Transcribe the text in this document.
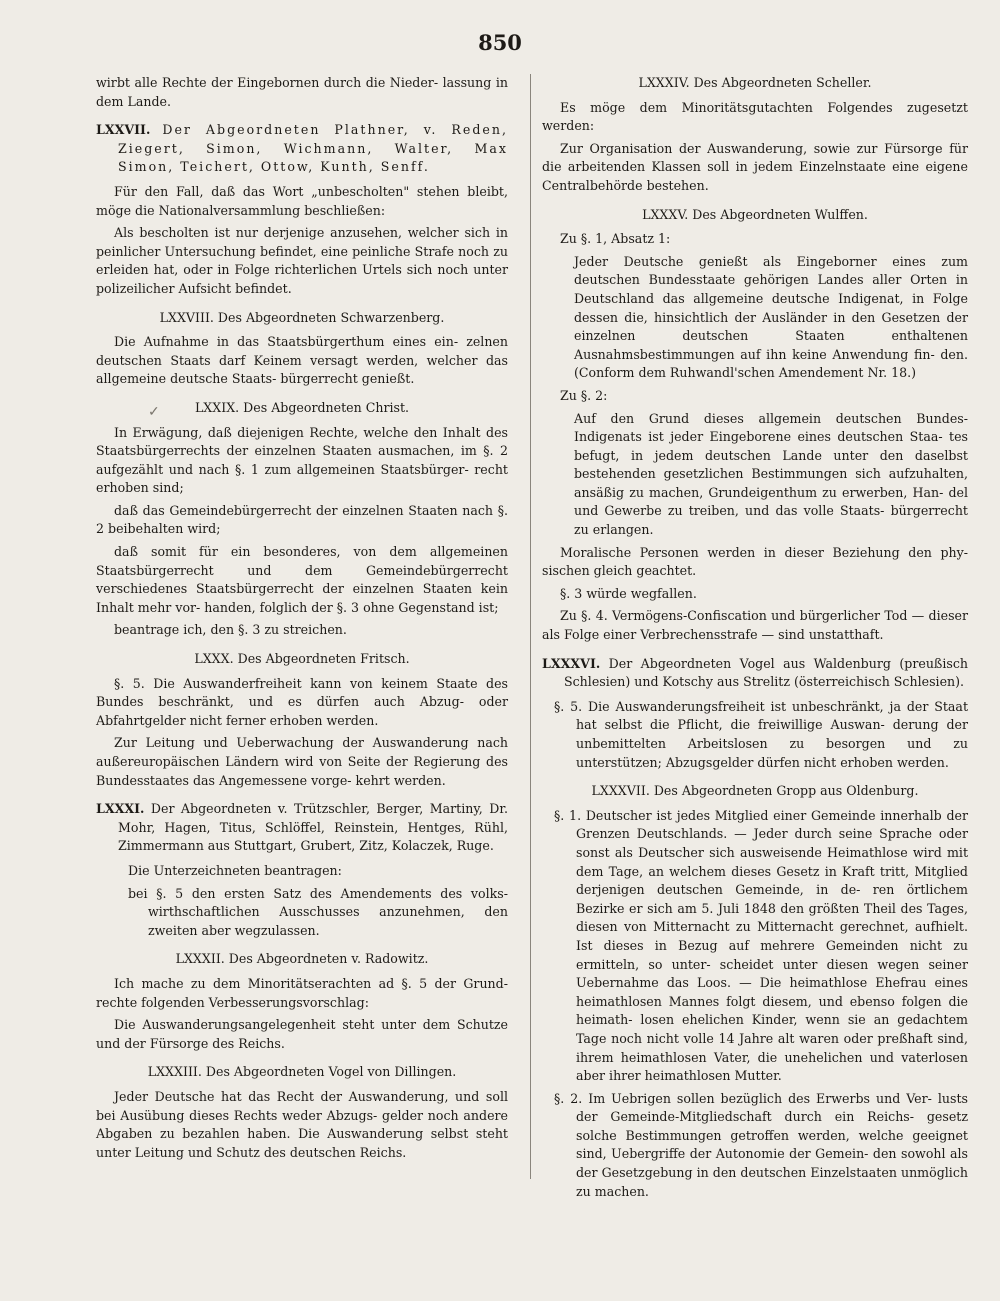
850
✓

wirbt alle Rechte der Eingebornen durch die Nieder- lassung in dem Lande.

LXXVII. Der Abgeordneten Plathner, v. Reden, Ziegert, Simon, Wichmann, Walter, Max Simon, Teichert, Ottow, Kunth, Senff.

Für den Fall, daß das Wort „unbescholten" stehen bleibt, möge die Nationalversammlung beschließen:

Als bescholten ist nur derjenige anzusehen, welcher sich in peinlicher Untersuchung befindet, eine peinliche Strafe noch zu erleiden hat, oder in Folge richterlichen Urtels sich noch unter polizeilicher Aufsicht befindet.

LXXVIII. Des Abgeordneten Schwarzenberg.

Die Aufnahme in das Staatsbürgerthum eines ein- zelnen deutschen Staats darf Keinem versagt werden, welcher das allgemeine deutsche Staats- bürgerrecht genießt.

LXXIX. Des Abgeordneten Christ.

In Erwägung, daß diejenigen Rechte, welche den Inhalt des Staatsbürgerrechts der einzelnen Staaten ausmachen, im §. 2 aufgezählt und nach §. 1 zum allgemeinen Staatsbürger- recht erhoben sind;

daß das Gemeindebürgerrecht der einzelnen Staaten nach §. 2 beibehalten wird;

daß somit für ein besonderes, von dem allgemeinen Staatsbürgerrecht und dem Gemeindebürgerrecht verschiedenes Staatsbürgerrecht der einzelnen Staaten kein Inhalt mehr vor- handen, folglich der §. 3 ohne Gegenstand ist;

beantrage ich, den §. 3 zu streichen.

LXXX. Des Abgeordneten Fritsch.

§. 5. Die Auswanderfreiheit kann von keinem Staate des Bundes beschränkt, und es dürfen auch Abzug- oder Abfahrtgelder nicht ferner erhoben werden.

Zur Leitung und Ueberwachung der Auswanderung nach außereuropäischen Ländern wird von Seite der Regierung des Bundesstaates das Angemessene vorge- kehrt werden.

LXXXI. Der Abgeordneten v. Trützschler, Berger, Martiny, Dr. Mohr, Hagen, Titus, Schlöffel, Reinstein, Hentges, Rühl, Zimmermann aus Stuttgart, Grubert, Zitz, Kolaczek, Ruge.

Die Unterzeichneten beantragen:

bei §. 5 den ersten Satz des Amendements des volks- wirthschaftlichen Ausschusses anzunehmen, den zweiten aber wegzulassen.

LXXXII. Des Abgeordneten v. Radowitz.

Ich mache zu dem Minoritätserachten ad §. 5 der Grund- rechte folgenden Verbesserungsvorschlag:

Die Auswanderungsangelegenheit steht unter dem Schutze und der Fürsorge des Reichs.

LXXXIII. Des Abgeordneten Vogel von Dillingen.

Jeder Deutsche hat das Recht der Auswanderung, und soll bei Ausübung dieses Rechts weder Abzugs- gelder noch andere Abgaben zu bezahlen haben. Die Auswanderung selbst steht unter Leitung und Schutz des deutschen Reichs.

LXXXIV. Des Abgeordneten Scheller.

Es möge dem Minoritätsgutachten Folgendes zugesetzt werden:

Zur Organisation der Auswanderung, sowie zur Fürsorge für die arbeitenden Klassen soll in jedem Einzelnstaate eine eigene Centralbehörde bestehen.

LXXXV. Des Abgeordneten Wulffen.

Zu §. 1, Absatz 1:

Jeder Deutsche genießt als Eingeborner eines zum deutschen Bundesstaate gehörigen Landes aller Orten in Deutschland das allgemeine deutsche Indigenat, in Folge dessen die, hinsichtlich der Ausländer in den Gesetzen der einzelnen deutschen Staaten enthaltenen Ausnahmsbestimmungen auf ihn keine Anwendung fin- den. (Conform dem Ruhwandl'schen Amendement Nr. 18.)

Zu §. 2:

Auf den Grund dieses allgemein deutschen Bundes- Indigenats ist jeder Eingeborene eines deutschen Staa- tes befugt, in jedem deutschen Lande unter den daselbst bestehenden gesetzlichen Bestimmungen sich aufzuhalten, ansäßig zu machen, Grundeigenthum zu erwerben, Han- del und Gewerbe zu treiben, und das volle Staats- bürgerrecht zu erlangen.

Moralische Personen werden in dieser Beziehung den phy- sischen gleich geachtet.

§. 3 würde wegfallen.

Zu §. 4. Vermögens-Confiscation und bürgerlicher Tod — dieser als Folge einer Verbrechensstrafe — sind unstatthaft.

LXXXVI. Der Abgeordneten Vogel aus Waldenburg (preußisch Schlesien) und Kotschy aus Strelitz (österreichisch Schlesien).

§. 5. Die Auswanderungsfreiheit ist unbeschränkt, ja der Staat hat selbst die Pflicht, die freiwillige Auswan- derung der unbemittelten Arbeitslosen zu besorgen und zu unterstützen; Abzugsgelder dürfen nicht erhoben werden.

LXXXVII. Des Abgeordneten Gropp aus Oldenburg.

§. 1. Deutscher ist jedes Mitglied einer Gemeinde innerhalb der Grenzen Deutschlands. — Jeder durch seine Sprache oder sonst als Deutscher sich ausweisende Heimathlose wird mit dem Tage, an welchem dieses Gesetz in Kraft tritt, Mitglied derjenigen deutschen Gemeinde, in de- ren örtlichem Bezirke er sich am 5. Juli 1848 den größten Theil des Tages, diesen von Mitternacht zu Mitternacht gerechnet, aufhielt. Ist dieses in Bezug auf mehrere Gemeinden nicht zu ermitteln, so unter- scheidet unter diesen wegen seiner Uebernahme das Loos. — Die heimathlose Ehefrau eines heimathlosen Mannes folgt diesem, und ebenso folgen die heimath- losen ehelichen Kinder, wenn sie an gedachtem Tage noch nicht volle 14 Jahre alt waren oder preßhaft sind, ihrem heimathlosen Vater, die unehelichen und vaterlosen aber ihrer heimathlosen Mutter.

§. 2. Im Uebrigen sollen bezüglich des Erwerbs und Ver- lusts der Gemeinde-Mitgliedschaft durch ein Reichs- gesetz solche Bestimmungen getroffen werden, welche geeignet sind, Uebergriffe der Autonomie der Gemein- den sowohl als der Gesetzgebung in den deutschen Einzelstaaten unmöglich zu machen.
